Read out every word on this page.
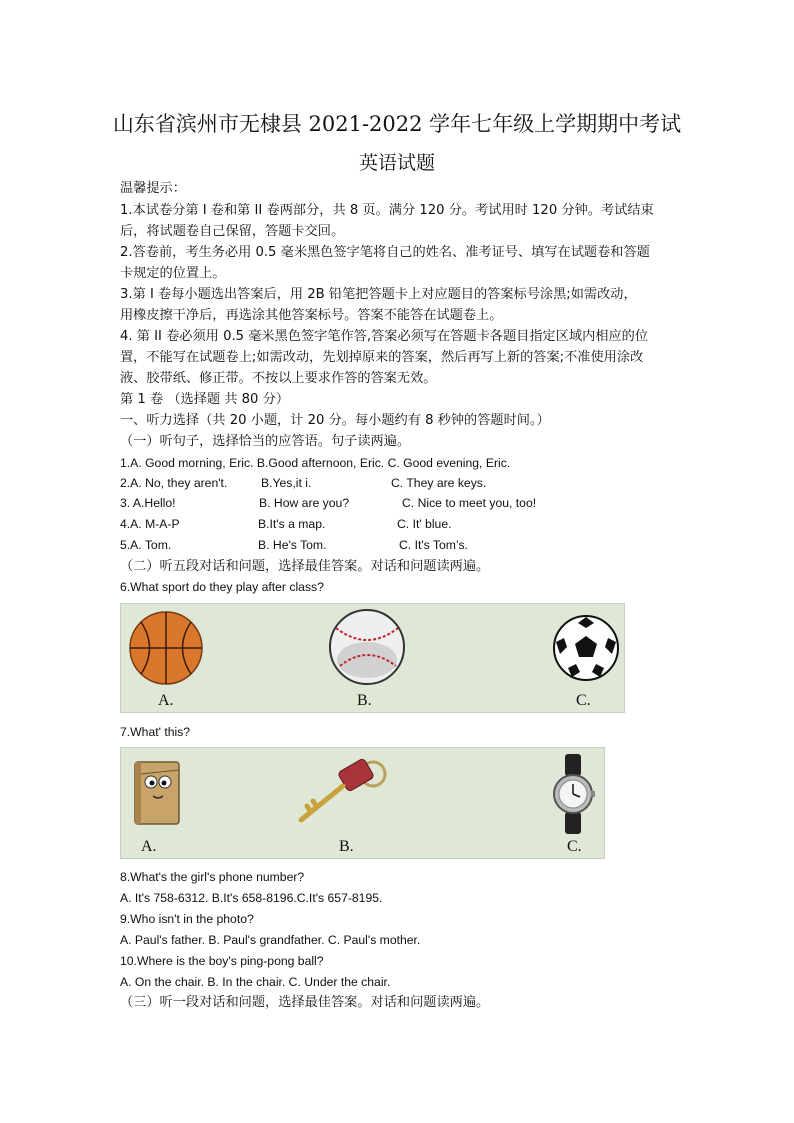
山东省滨州市无棣县 2021-2022 学年七年级上学期期中考试
英语试题
温馨提示：
1.本试卷分第 I 卷和第 II 卷两部分，共 8 页。满分 120 分。考试用时 120 分钟。考试结束
后，将试题卷自己保留，答题卡交回。
2.答卷前，考生务必用 0.5 毫米黑色签字笔将自己的姓名、准考证号、填写在试题卷和答题
卡规定的位置上。
3.第 I 卷每小题选出答案后，用 2B 铅笔把答题卡上对应题目的答案标号涂黑;如需改动，
用橡皮擦干净后，再选涂其他答案标号。答案不能答在试题卷上。
4. 第 II 卷必须用 0.5 毫米黑色签字笔作答,答案必须写在答题卡各题目指定区域内相应的位
置，不能写在试题卷上;如需改动，先划掉原来的答案，然后再写上新的答案;不准使用涂改
液、胶带纸、修正带。不按以上要求作答的答案无效。
第 1 卷 （选择题 共 80 分）
一、听力选择（共 20 小题，计 20 分。每小题约有 8 秒钟的答题时间。）
（一）听句子，选择恰当的应答语。句子读两遍。
1.A. Good morning, Eric. B.Good afternoon, Eric. C. Good evening, Eric.
2.A. No, they aren't.	B.Yes,it i.	C. They are keys.
3. A.Hello!	B. How are you?	C. Nice to meet you, too!
4.A. M-A-P	B.It's a map.	C. It' blue.
5.A. Tom.	B. He's Tom.	C. It's Tom’s.
（二）听五段对话和问题，选择最佳答案。对话和问题读两遍。
6.What sport do they play after class?
A.	B.	C.
7.What' this?
A.	B.	C.
8.What's the girl's phone number?
A. It's 758-6312. B.It's 658-8196.C.It's 657-8195.
9.Who isn't in the photo?
A. Paul's father. B. Paul's grandfather. C. Paul's mother.
10.Where is the boy's ping-pong ball?
A. On the chair. B. In the chair. C. Under the chair.
（三）听一段对话和问题，选择最佳答案。对话和问题读两遍。
